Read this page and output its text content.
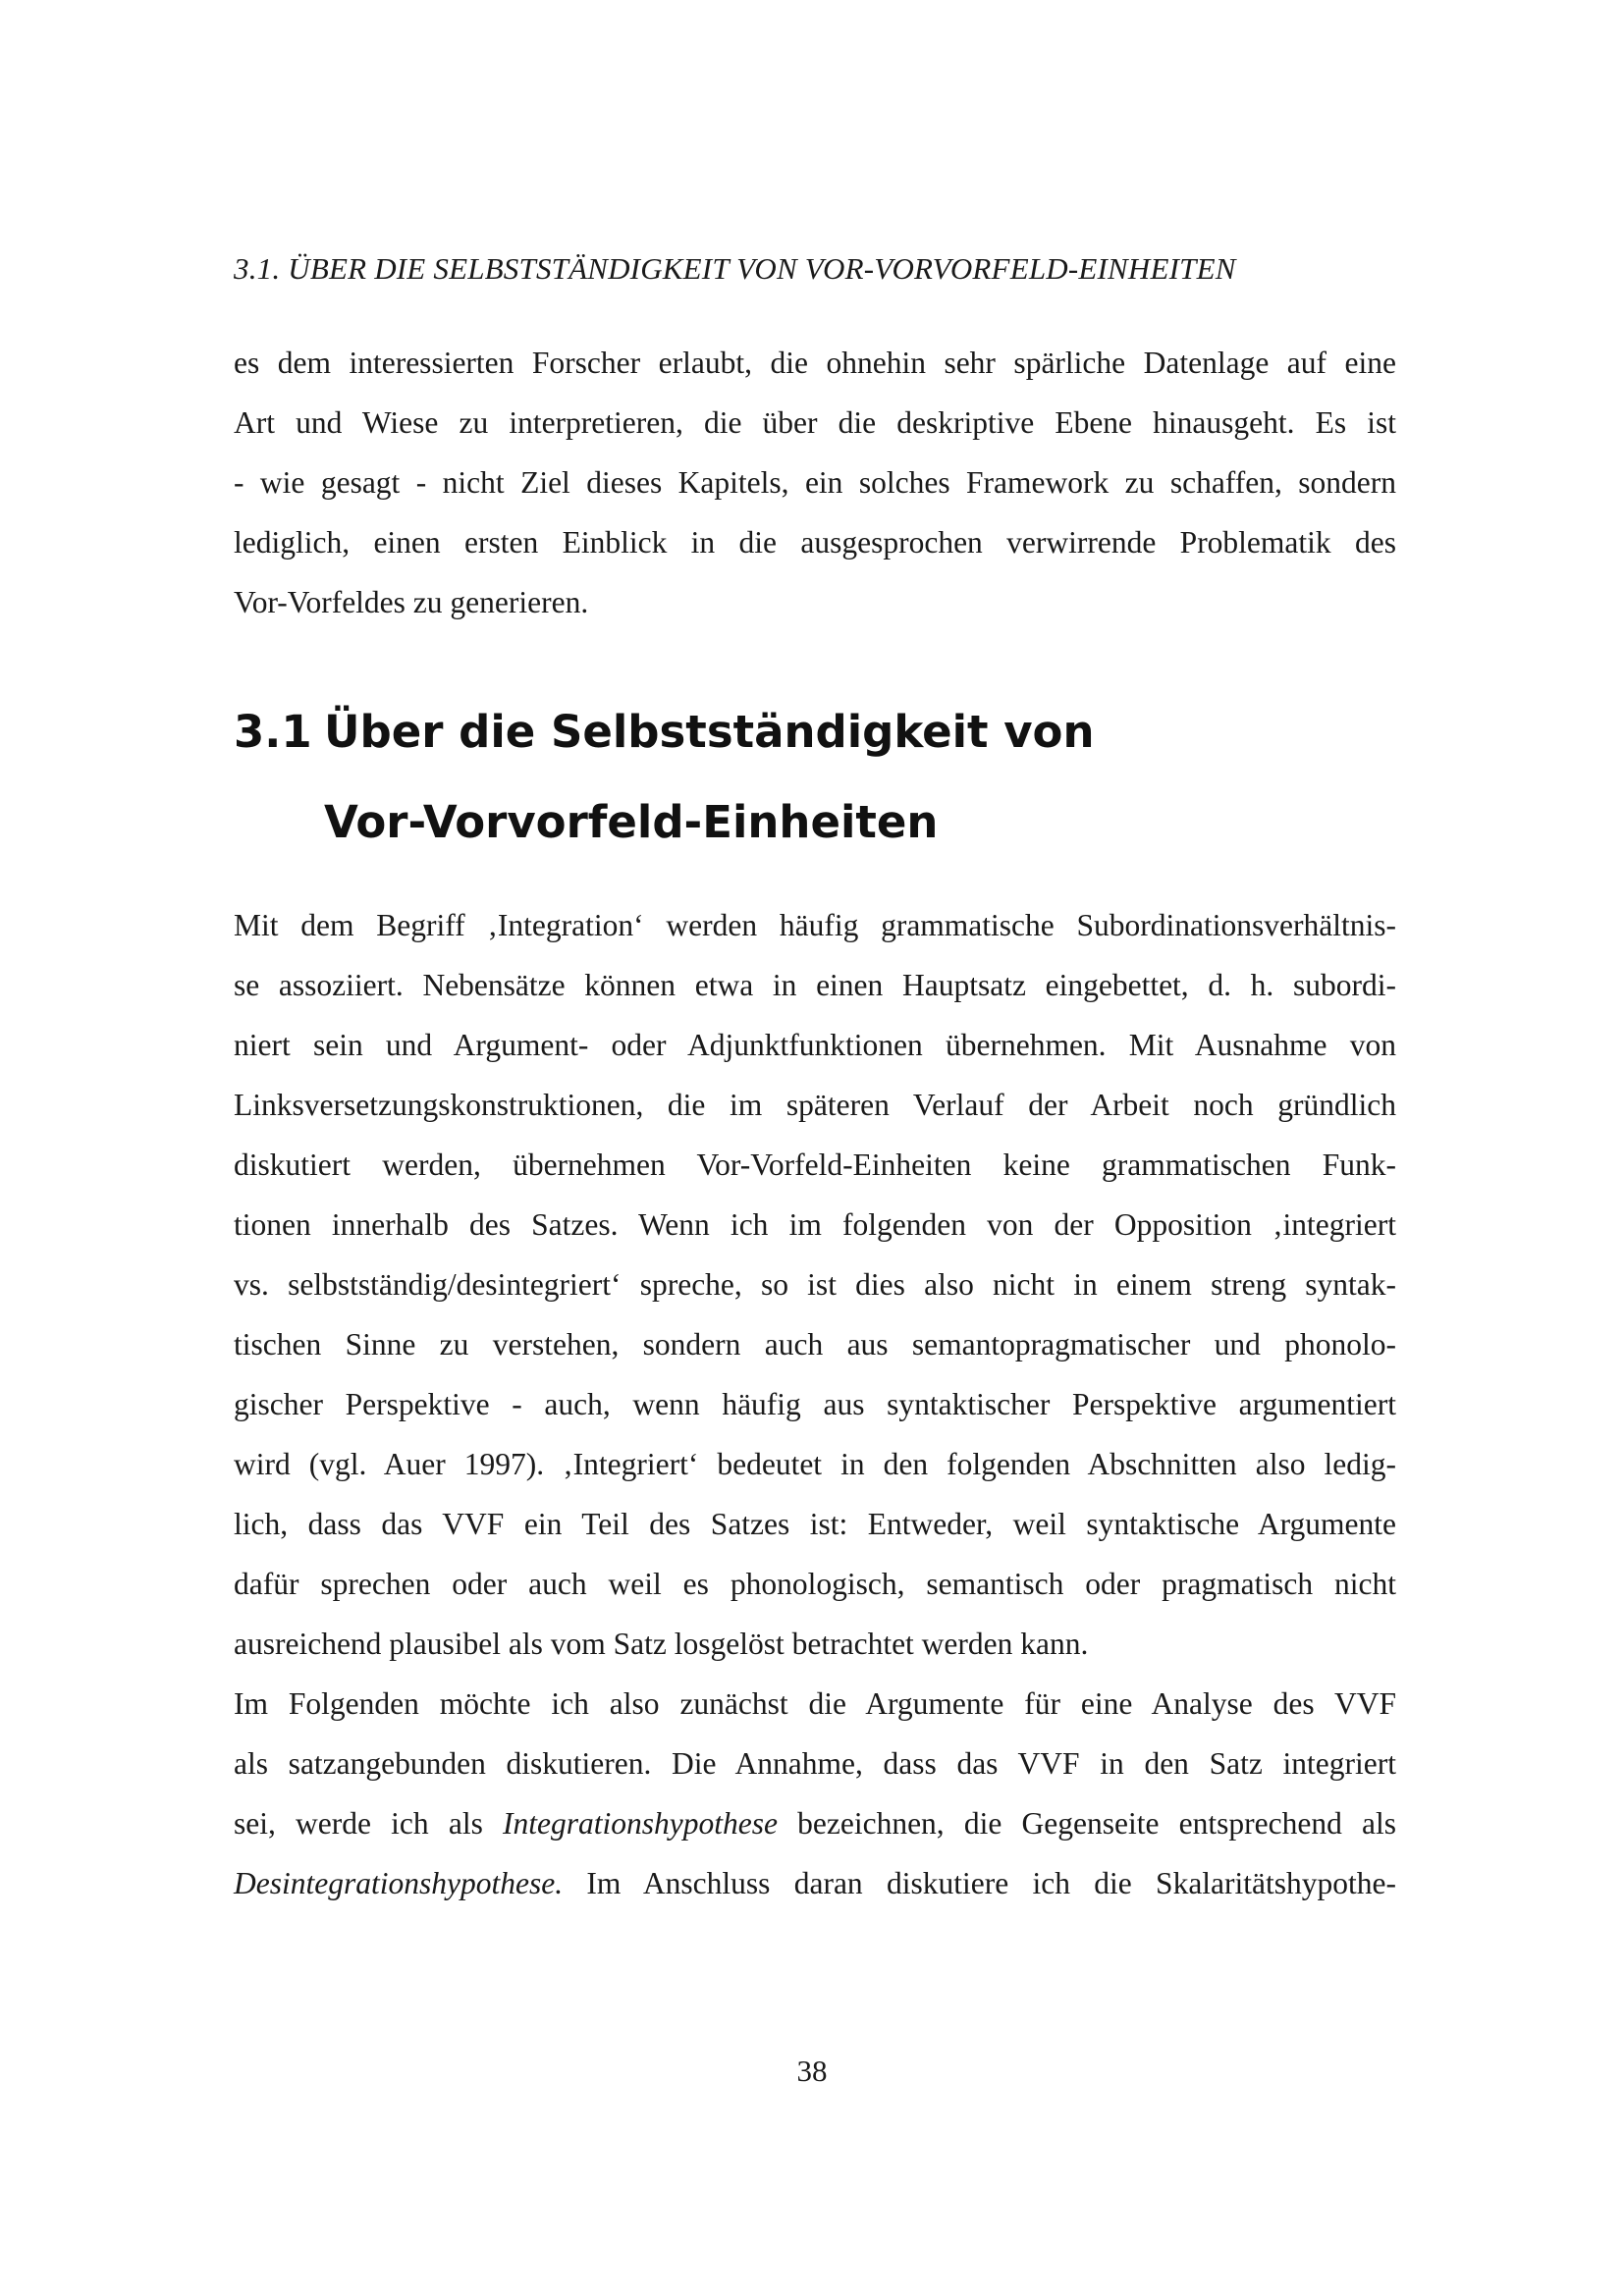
3.1. ÜBER DIE SELBSTSTÄNDIGKEIT VON VOR-VORVORFELD-EINHEITEN
es dem interessierten Forscher erlaubt, die ohnehin sehr spärliche Datenlage auf eine
Art und Wiese zu interpretieren, die über die deskriptive Ebene hinausgeht. Es ist
- wie gesagt - nicht Ziel dieses Kapitels, ein solches Framework zu schaffen, sondern
lediglich, einen ersten Einblick in die ausgesprochen verwirrende Problematik des
Vor-Vorfeldes zu generieren.
3.1 Über die Selbstständigkeit von
Vor-Vorvorfeld-Einheiten
Mit dem Begriff ‚Integration‘ werden häufig grammatische Subordinationsverhältnis-
se assoziiert. Nebensätze können etwa in einen Hauptsatz eingebettet, d. h. subordi-
niert sein und Argument- oder Adjunktfunktionen übernehmen. Mit Ausnahme von
Linksversetzungskonstruktionen, die im späteren Verlauf der Arbeit noch gründlich
diskutiert werden, übernehmen Vor-Vorfeld-Einheiten keine grammatischen Funk-
tionen innerhalb des Satzes. Wenn ich im folgenden von der Opposition ‚integriert
vs. selbstständig/desintegriert‘ spreche, so ist dies also nicht in einem streng syntak-
tischen Sinne zu verstehen, sondern auch aus semantopragmatischer und phonolo-
gischer Perspektive - auch, wenn häufig aus syntaktischer Perspektive argumentiert
wird (vgl. Auer 1997). ‚Integriert‘ bedeutet in den folgenden Abschnitten also ledig-
lich, dass das VVF ein Teil des Satzes ist: Entweder, weil syntaktische Argumente
dafür sprechen oder auch weil es phonologisch, semantisch oder pragmatisch nicht
ausreichend plausibel als vom Satz losgelöst betrachtet werden kann.
Im Folgenden möchte ich also zunächst die Argumente für eine Analyse des VVF
als satzangebunden diskutieren. Die Annahme, dass das VVF in den Satz integriert
sei, werde ich als Integrationshypothese bezeichnen, die Gegenseite entsprechend als
Desintegrationshypothese. Im Anschluss daran diskutiere ich die Skalaritätshypothe-
38
